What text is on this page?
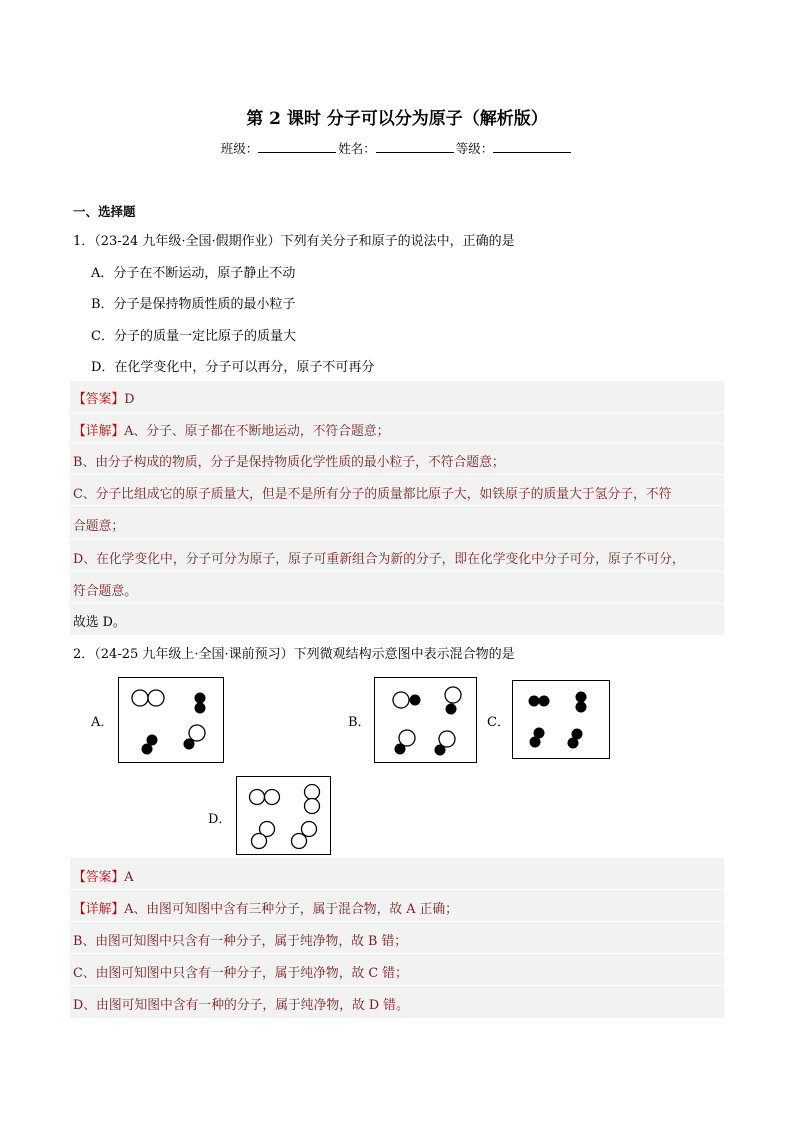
第 2 课时 分子可以分为原子（解析版）
班级：	姓名：	等级：
一、选择题
1．（23-24 九年级·全国·假期作业）下列有关分子和原子的说法中，正确的是
A．分子在不断运动，原子静止不动
B．分子是保持物质性质的最小粒子
C．分子的质量一定比原子的质量大
D．在化学变化中，分子可以再分，原子不可再分
【答案】D
【详解】A、分子、原子都在不断地运动，不符合题意；
B、由分子构成的物质，分子是保持物质化学性质的最小粒子，不符合题意；
C、分子比组成它的原子质量大，但是不是所有分子的质量都比原子大，如铁原子的质量大于氢分子，不符
合题意；
D、在化学变化中，分子可分为原子，原子可重新组合为新的分子，即在化学变化中分子可分，原子不可分，
符合题意。
故选 D。
2．（24-25 九年级上·全国·课前预习）下列微观结构示意图中表示混合物的是
A．	B．	C．
D．
【答案】A
【详解】A、由图可知图中含有三种分子，属于混合物，故 A 正确；
B、由图可知图中只含有一种分子，属于纯净物，故 B 错；
C、由图可知图中只含有一种分子，属于纯净物，故 C 错；
D、由图可知图中含有一种的分子，属于纯净物，故 D 错。
